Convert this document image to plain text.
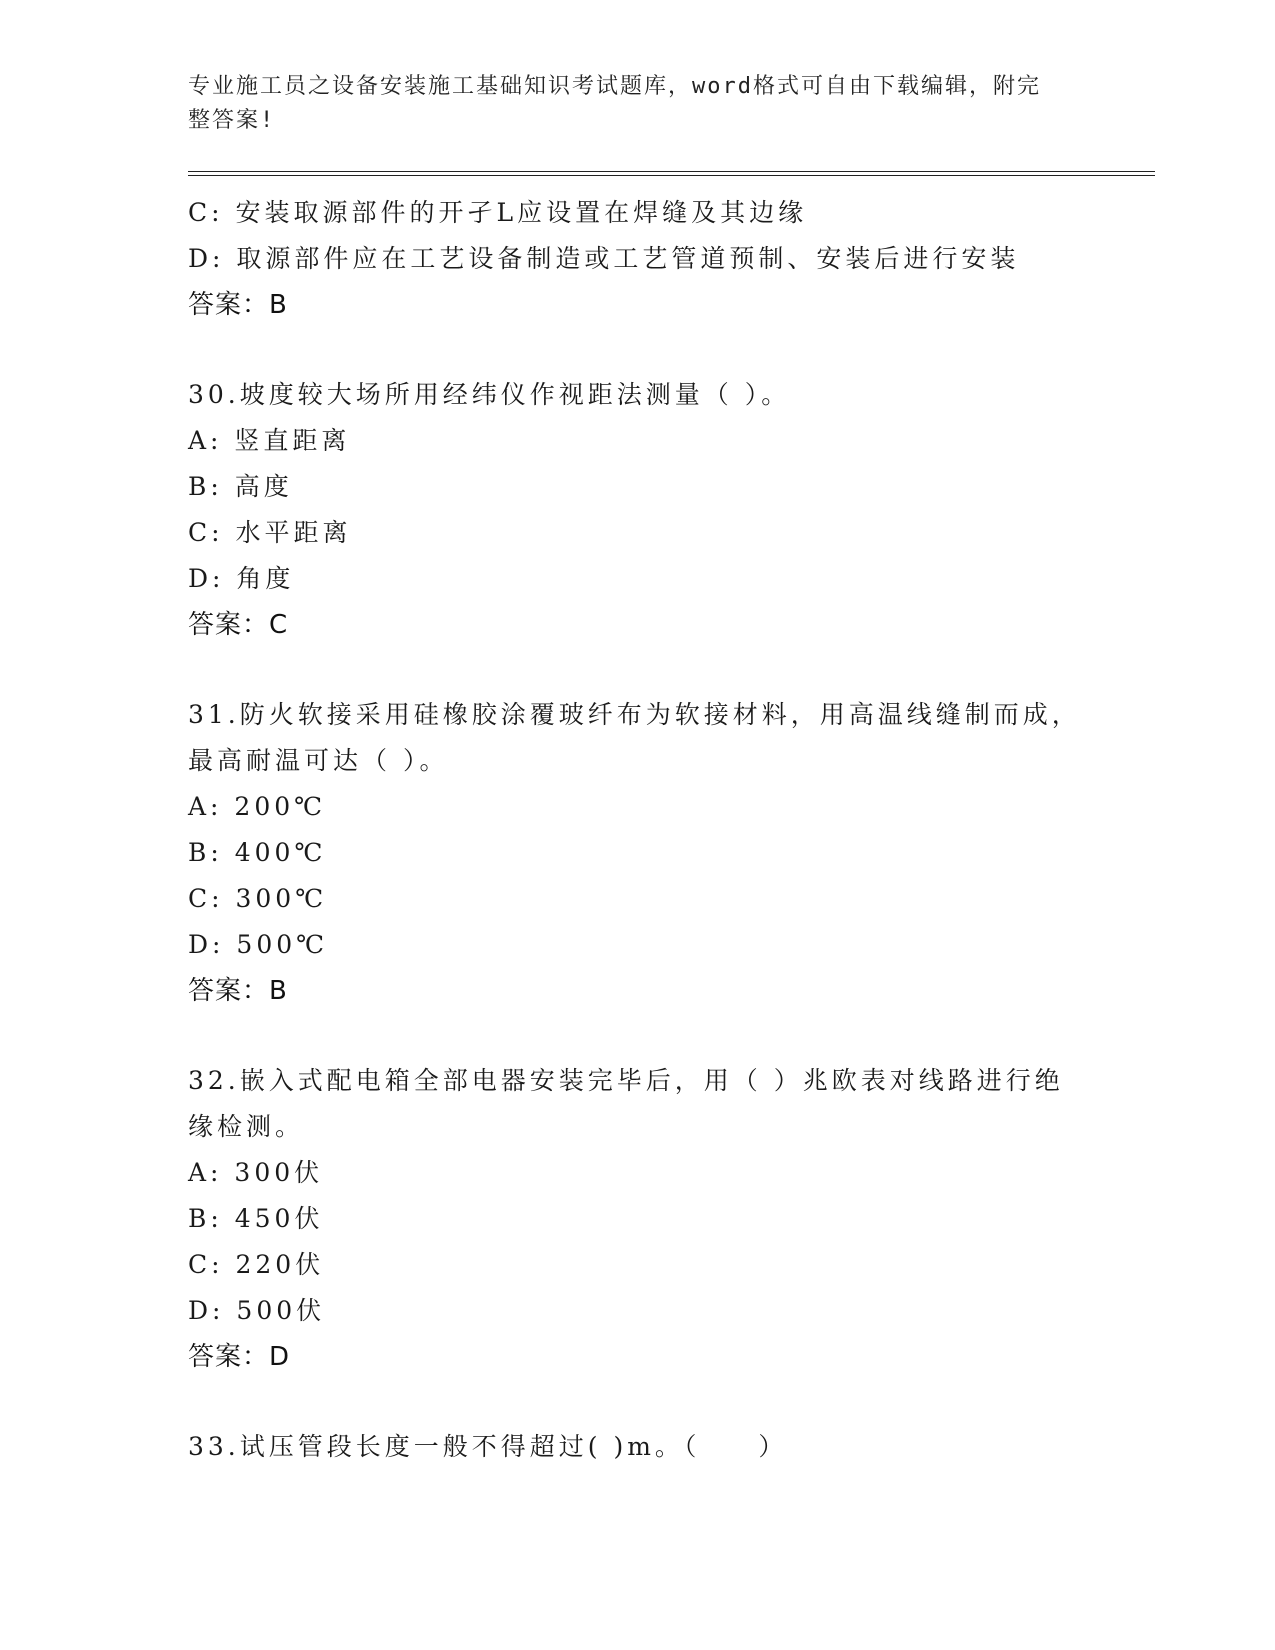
专业施工员之设备安装施工基础知识考试题库，word格式可自由下载编辑，附完
整答案!
C: 安装取源部件的开孑L应设置在焊缝及其边缘
D: 取源部件应在工艺设备制造或工艺管道预制、安装后进行安装
答案：B
30.坡度较大场所用经纬仪作视距法测量（ ）。
A: 竖直距离
B: 高度
C: 水平距离
D: 角度
答案：C
31.防火软接采用硅橡胶涂覆玻纤布为软接材料，用高温线缝制而成，
最高耐温可达（ ）。
A: 200℃
B: 400℃
C: 300℃
D: 500℃
答案：B
32.嵌入式配电箱全部电器安装完毕后，用（ ）兆欧表对线路进行绝
缘检测。
A: 300伏
B: 450伏
C: 220伏
D: 500伏
答案：D
33.试压管段长度一般不得超过( )m。（　　）
